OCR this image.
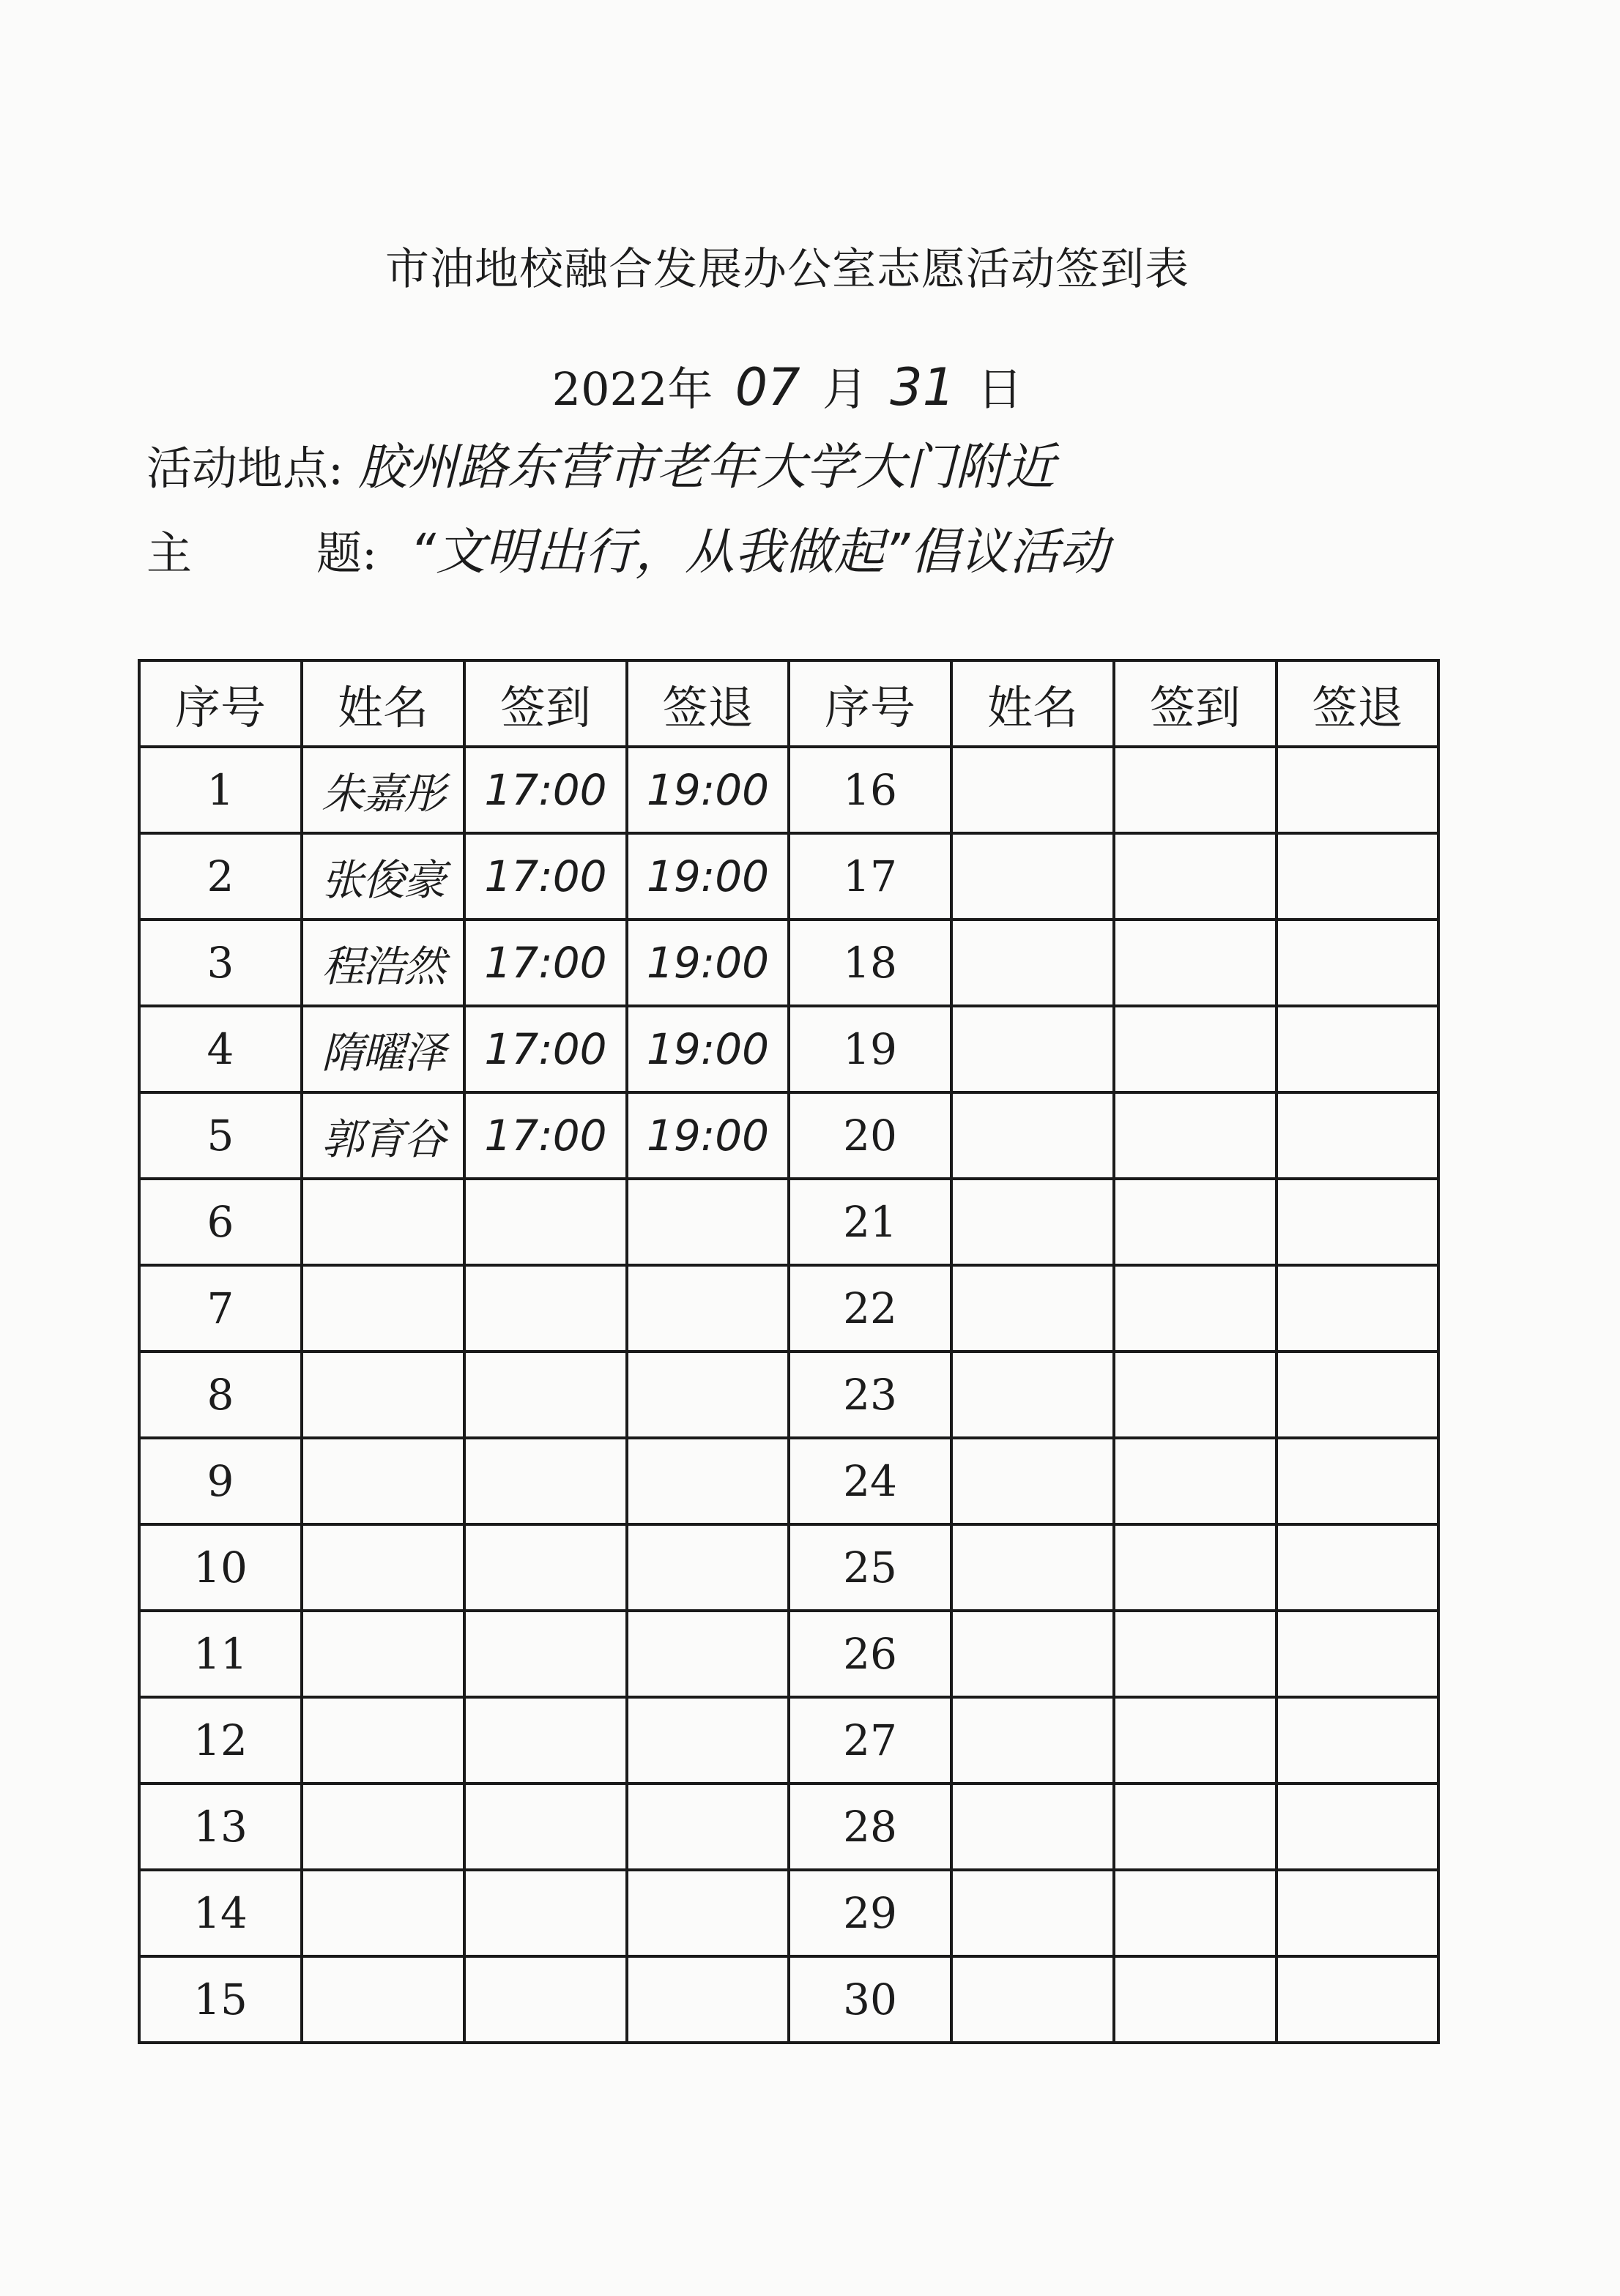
市油地校融合发展办公室志愿活动签到表
2022年 07 月 31 日
活动地点: 胶州路东营市老年大学大门附近
主	题: “文明出行，从我做起”倡议活动
序号	姓名	签到	签退	序号	姓名	签到	签退
1	朱嘉彤	17:00	19:00	16			
2	张俊豪	17:00	19:00	17			
3	程浩然	17:00	19:00	18			
4	隋曜泽	17:00	19:00	19			
5	郭育谷	17:00	19:00	20			
6				21			
7				22			
8				23			
9				24			
10				25			
11				26			
12				27			
13				28			
14				29			
15				30			
